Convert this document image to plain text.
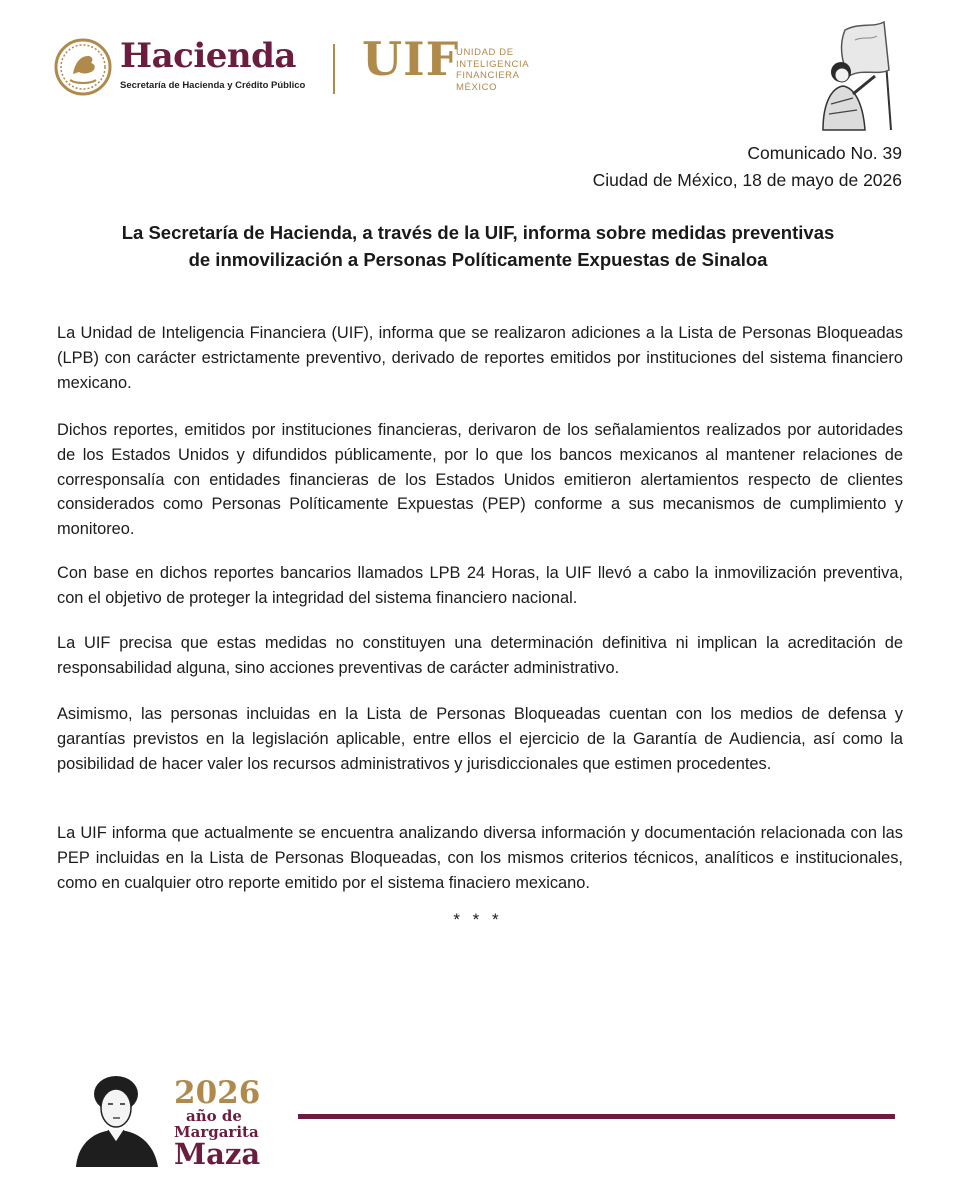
Hacienda
Secretaría de Hacienda y Crédito Público UIF
UNIDAD DE
INTELIGENCIA
FINANCIERA
MÉXICO
Comunicado No. 39
Ciudad de México, 18 de mayo de 2026
La Secretaría de Hacienda, a través de la UIF, informa sobre medidas preventivas
de inmovilización a Personas Políticamente Expuestas de Sinaloa

La Unidad de Inteligencia Financiera (UIF), informa que se realizaron adiciones a la Lista de Personas Bloqueadas (LPB) con carácter estrictamente preventivo, derivado de reportes emitidos por instituciones del sistema financiero mexicano.

Dichos reportes, emitidos por instituciones financieras, derivaron de los señalamientos realizados por autoridades de los Estados Unidos y difundidos públicamente, por lo que los bancos mexicanos al mantener relaciones de corresponsalía con entidades financieras de los Estados Unidos emitieron alertamientos respecto de clientes considerados como Personas Políticamente Expuestas (PEP) conforme a sus mecanismos de cumplimiento y monitoreo.

Con base en dichos reportes bancarios llamados LPB 24 Horas, la UIF llevó a cabo la inmovilización preventiva, con el objetivo de proteger la integridad del sistema financiero nacional.

La UIF precisa que estas medidas no constituyen una determinación definitiva ni implican la acreditación de responsabilidad alguna, sino acciones preventivas de carácter administrativo.

Asimismo, las personas incluidas en la Lista de Personas Bloqueadas cuentan con los medios de defensa y garantías previstos en la legislación aplicable, entre ellos el ejercicio de la Garantía de Audiencia, así como la posibilidad de hacer valer los recursos administrativos y jurisdiccionales que estimen procedentes.

La UIF informa que actualmente se encuentra analizando diversa información y documentación relacionada con las PEP incluidas en la Lista de Personas Bloqueadas, con los mismos criterios técnicos, analíticos e institucionales, como en cualquier otro reporte emitido por el sistema finaciero mexicano.

* * *
2026
año de
Margarita
Maza
